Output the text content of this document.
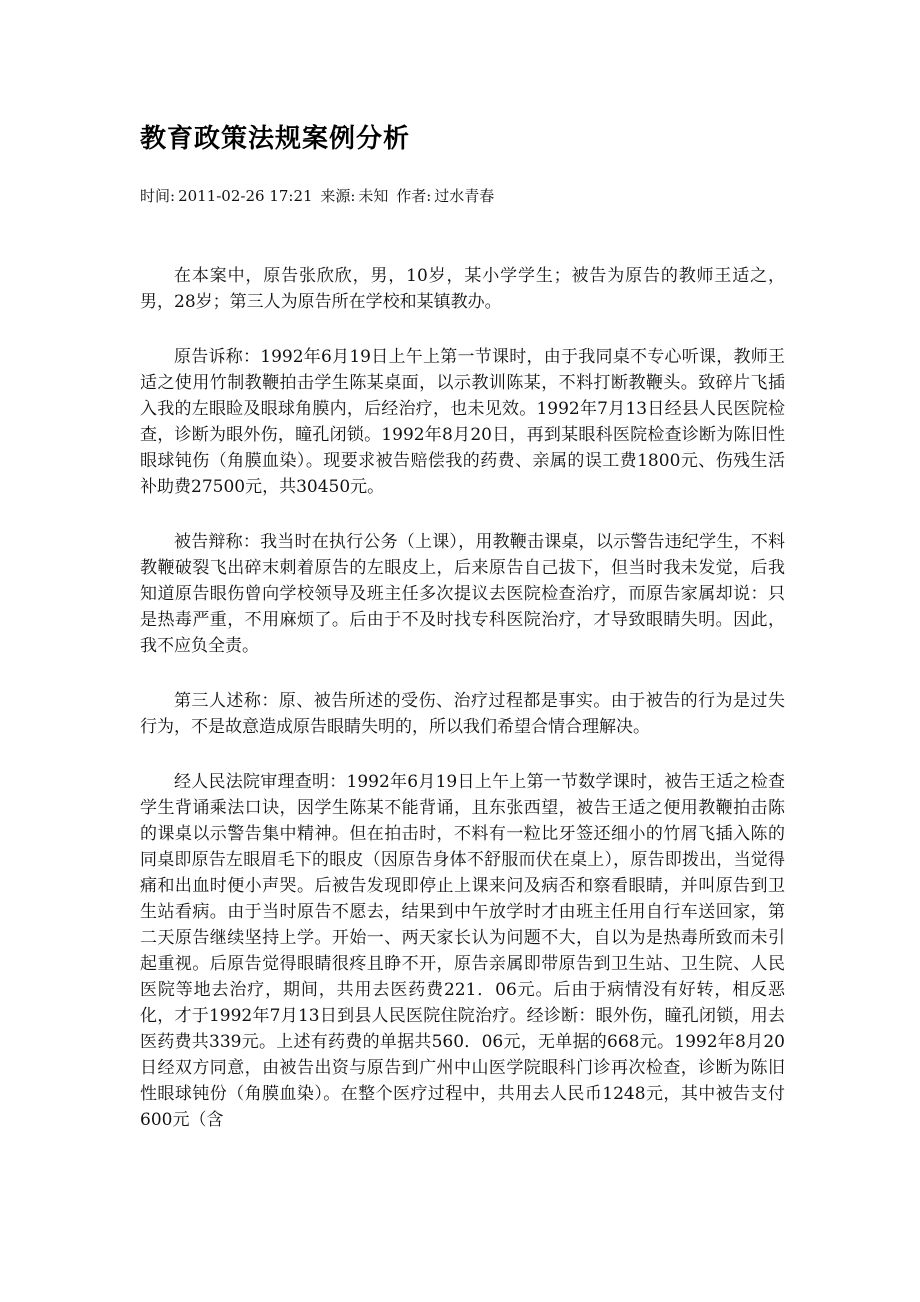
教育政策法规案例分析
时间: 2011-02-26 17:21 来源: 未知 作者: 过水青春

在本案中，原告张欣欣，男，10岁，某小学学生；被告为原告的教师王适之，男，28岁；第三人为原告所在学校和某镇教办。

原告诉称：1992年6月19日上午上第一节课时，由于我同桌不专心听课，教师王适之使用竹制教鞭拍击学生陈某桌面，以示教训陈某，不料打断教鞭头。致碎片飞插入我的左眼睑及眼球角膜内，后经治疗，也未见效。1992年7月13日经县人民医院检查，诊断为眼外伤，瞳孔闭锁。1992年8月20日，再到某眼科医院检查诊断为陈旧性眼球钝伤（角膜血染）。现要求被告赔偿我的药费、亲属的误工费1800元、伤残生活补助费27500元，共30450元。

被告辩称：我当时在执行公务（上课），用教鞭击课桌，以示警告违纪学生，不料教鞭破裂飞出碎末刺着原告的左眼皮上，后来原告自己拔下，但当时我未发觉，后我知道原告眼伤曾向学校领导及班主任多次提议去医院检查治疗，而原告家属却说：只是热毒严重，不用麻烦了。后由于不及时找专科医院治疗，才导致眼睛失明。因此，我不应负全责。

第三人述称：原、被告所述的受伤、治疗过程都是事实。由于被告的行为是过失行为，不是故意造成原告眼睛失明的，所以我们希望合情合理解决。

经人民法院审理查明：1992年6月19日上午上第一节数学课时，被告王适之检查学生背诵乘法口诀，因学生陈某不能背诵，且东张西望，被告王适之便用教鞭拍击陈的课桌以示警告集中精神。但在拍击时，不料有一粒比牙签还细小的竹屑飞插入陈的同桌即原告左眼眉毛下的眼皮（因原告身体不舒服而伏在桌上），原告即拨出，当觉得痛和出血时便小声哭。后被告发现即停止上课来问及病否和察看眼睛，并叫原告到卫生站看病。由于当时原告不愿去，结果到中午放学时才由班主任用自行车送回家，第二天原告继续坚持上学。开始一、两天家长认为问题不大，自以为是热毒所致而未引起重视。后原告觉得眼睛很疼且睁不开，原告亲属即带原告到卫生站、卫生院、人民医院等地去治疗，期间，共用去医药费221．06元。后由于病情没有好转，相反恶化，才于1992年7月13日到县人民医院住院治疗。经诊断：眼外伤，瞳孔闭锁，用去医药费共339元。上述有药费的单据共560．06元，无单据的668元。1992年8月20日经双方同意，由被告出资与原告到广州中山医学院眼科门诊再次检查，诊断为陈旧性眼球钝份（角膜血染）。在整个医疗过程中，共用去人民币1248元，其中被告支付600元（含
